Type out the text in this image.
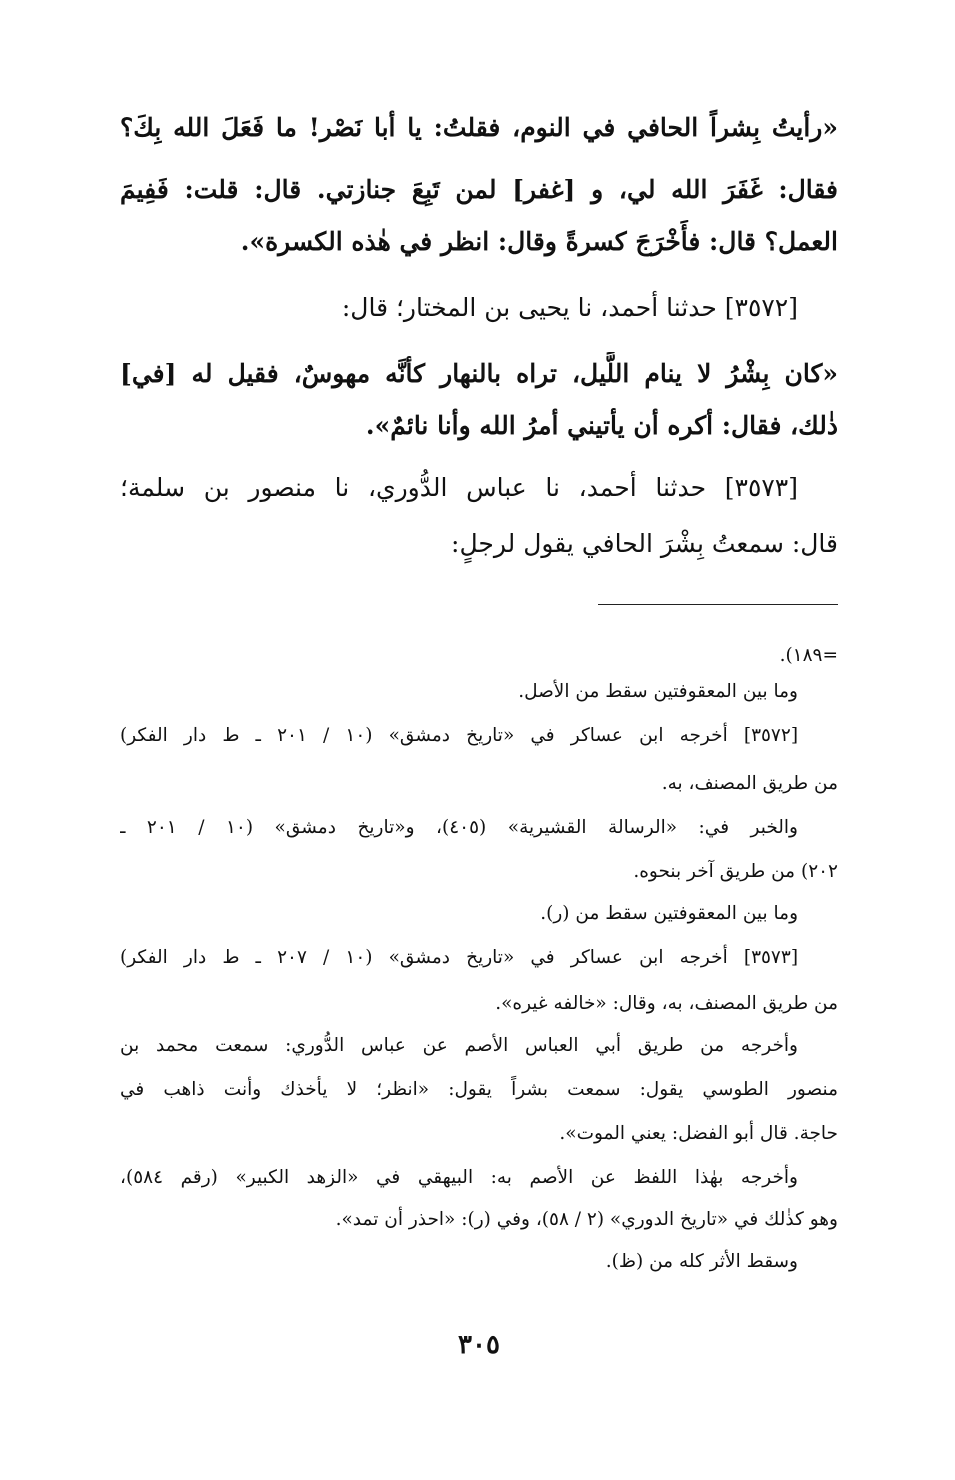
«رأيتُ بِشراً الحافي في النوم، فقلتُ: يا أبا نَصْر! ما فَعَلَ الله بِكَ؟
فقال: غَفَرَ الله لي، و [غفر] لمن تَبِعَ جنازتي. قال: قلت: فَفِيمَ
العمل؟ قال: فأَخْرَجَ كسرةً وقال: انظر في هٰذه الكسرة».
[٣٥٧٢] حدثنا أحمد، نا يحيى بن المختار؛ قال:
«كان بِشْرُ لا ينام اللَّيل، تراه بالنهار كأنَّه مهوسٌ، فقيل له [في]
ذٰلك، فقال: أكره أن يأتيني أمرُ الله وأنا نائمٌ».
[٣٥٧٣] حدثنا أحمد، نا عباس الدُّوري، نا منصور بن سلمة؛
قال: سمعتُ بِشْرَ الحافي يقول لرجلٍ:
=١٨٩).
وما بين المعقوفتين سقط من الأصل.
[٣٥٧٢] أخرجه ابن عساكر في «تاريخ دمشق» (١٠ / ٢٠١ ـ ط دار الفكر)
من طريق المصنف، به.
والخبر في: «الرسالة القشيرية» (٤٠٥)، و«تاريخ دمشق» (١٠ / ٢٠١ ـ
٢٠٢) من طريق آخر بنحوه.
وما بين المعقوفتين سقط من (ر).
[٣٥٧٣] أخرجه ابن عساكر في «تاريخ دمشق» (١٠ / ٢٠٧ ـ ط دار الفكر)
من طريق المصنف، به، وقال: «خالفه غيره».
وأخرجه من طريق أبي العباس الأصم عن عباس الدُّوري: سمعت محمد بن
منصور الطوسي يقول: سمعت بشراً يقول: «انظر؛ لا يأخذك وأنت ذاهب في
حاجة. قال أبو الفضل: يعني الموت».
وأخرجه بهٰذا اللفظ عن الأصم به: البيهقي في «الزهد الكبير» (رقم ٥٨٤)،
وهو كذٰلك في «تاريخ الدوري» (٢ / ٥٨)، وفي (ر): «احذر أن تمد».
وسقط الأثر كله من (ظ).
٣٠٥
